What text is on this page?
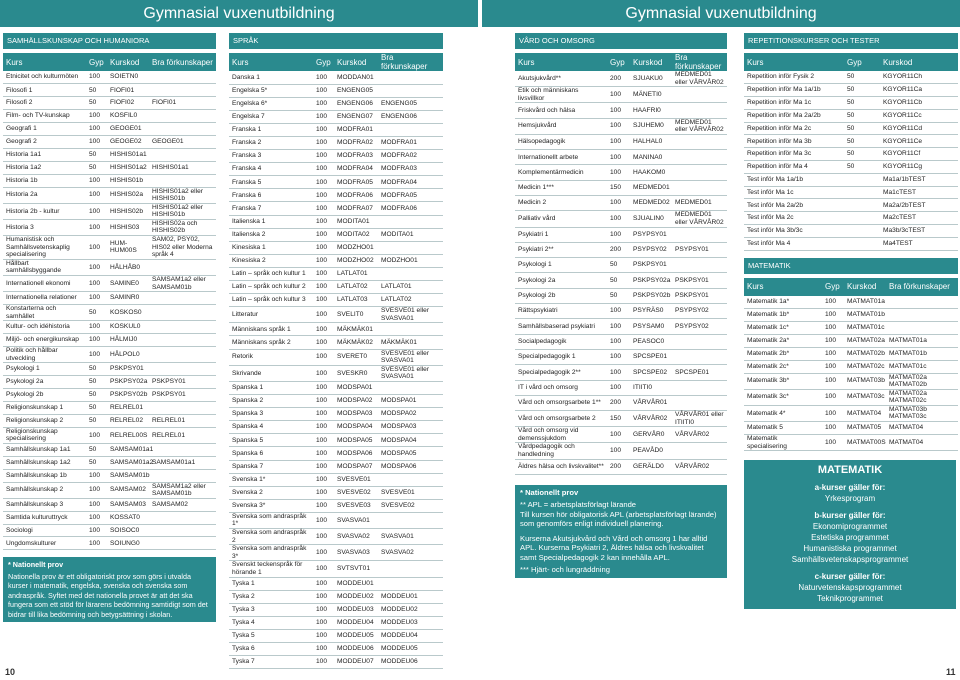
Gymnasial vuxenutbildning	Gymnasial vuxenutbildning
SAMHÄLLSKUNSKAP OCH HUMANIORA
Kurs	Gyp	Kurskod	Bra förkunskaper
Etnicitet och kulturmöten	100	SOIETN0	
Filosofi 1	50	FIOFI01	
Filosofi 2	50	FIOFI02	FIOFI01
Film- och TV-kunskap	100	KOSFIL0	
Geografi 1	100	GEOGE01	
Geografi 2	100	GEOGE02	GEOGE01
Historia 1a1	50	HISHIS01a1	
Historia 1a2	50	HISHIS01a2	HISHIS01a1
Historia 1b	100	HISHIS01b	
Historia 2a	100	HISHIS02a	HISHIS01a2 eller HISHIS01b
Historia 2b - kultur	100	HISHIS02b	HISHIS01a2 eller HISHIS01b
Historia 3	100	HISHIS03	HISHIS02a och HISHIS02b
Humanistisk och Samhällsvetenskaplig specialisering	100	HUM-HUM00S	SAM02, PSY02, HIS02 eller Moderna språk 4
Hållbart samhällsbyggande	100	HÅLHÅB0	
Internationell ekonomi	100	SAMINE0	SAMSAM1a2 eller SAMSAM01b
Internationella relationer	100	SAMINR0	
Konstarterna och samhället	50	KOSKOS0	
Kultur- och idéhistoria	100	KOSKUL0	
Miljö- och energikunskap	100	HÅLMIJ0	
Politik och hållbar utveckling	100	HÅLPOL0	
Psykologi 1	50	PSKPSY01	
Psykologi 2a	50	PSKPSY02a	PSKPSY01
Psykologi 2b	50	PSKPSY02b	PSKPSY01
Religionskunskap 1	50	RELREL01	
Religionskunskap 2	50	RELREL02	RELREL01
Religionskunskap specialisering	100	RELREL00S	RELREL01
Samhällskunskap 1a1	50	SAMSAM01a1	
Samhällskunskap 1a2	50	SAMSAM01a2	SAMSAM01a1
Samhällskunskap 1b	100	SAMSAM01b	
Samhällskunskap 2	100	SAMSAM02	SAMSAM1a2 eller SAMSAM01b
Samhällskunskap 3	100	SAMSAM03	SAMSAM02
Samtida kulturuttryck	100	KOSSAT0	
Sociologi	100	SOISOC0	
Ungdomskulturer	100	SOIUNG0	
* Nationellt prov
Nationella prov är ett obligatoriskt prov som görs i utvalda kurser i matematik, engelska, svenska och svenska som andraspråk. Syftet med det nationella provet är att det ska fungera som ett stöd för lärarens bedömning samtidigt som det bidrar till lika bedömning och betygsättning i skolan.
SPRÅK
Kurs	Gyp	Kurskod	Bra förkunskaper
Danska 1	100	MODDAN01	
Engelska 5*	100	ENGENG05	
Engelska 6*	100	ENGENG06	ENGENG05
Engelska 7	100	ENGENG07	ENGENG06
Franska 1	100	MODFRA01	
Franska 2	100	MODFRA02	MODFRA01
Franska 3	100	MODFRA03	MODFRA02
Franska 4	100	MODFRA04	MODFRA03
Franska 5	100	MODFRA05	MODFRA04
Franska 6	100	MODFRA06	MODFRA05
Franska 7	100	MODFRA07	MODFRA06
Italienska 1	100	MODITA01	
Italienska 2	100	MODITA02	MODITA01
Kinesiska 1	100	MODZHO01	
Kinesiska 2	100	MODZHO02	MODZHO01
Latin – språk och kultur 1	100	LATLAT01	
Latin – språk och kultur 2	100	LATLAT02	LATLAT01
Latin – språk och kultur 3	100	LATLAT03	LATLAT02
Litteratur	100	SVELIT0	SVESVE01 eller SVASVA01
Människans språk 1	100	MÄKMÄK01	
Människans språk 2	100	MÄKMÄK02	MÄKMÄK01
Retorik	100	SVERET0	SVESVE01 eller SVASVA01
Skrivande	100	SVESKR0	SVESVE01 eller SVASVA01
Spanska 1	100	MODSPA01	
Spanska 2	100	MODSPA02	MODSPA01
Spanska 3	100	MODSPA03	MODSPA02
Spanska 4	100	MODSPA04	MODSPA03
Spanska 5	100	MODSPA05	MODSPA04
Spanska 6	100	MODSPA06	MODSPA05
Spanska 7	100	MODSPA07	MODSPA06
Svenska 1*	100	SVESVE01	
Svenska 2	100	SVESVE02	SVESVE01
Svenska 3*	100	SVESVE03	SVESVE02
Svenska som andraspråk 1*	100	SVASVA01	
Svenska som andraspråk 2	100	SVASVA02	SVASVA01
Svenska som andraspråk 3*	100	SVASVA03	SVASVA02
Svenskt teckenspråk för hörande 1	100	SVTSVT01	
Tyska 1	100	MODDEU01	
Tyska 2	100	MODDEU02	MODDEU01
Tyska 3	100	MODDEU03	MODDEU02
Tyska 4	100	MODDEU04	MODDEU03
Tyska 5	100	MODDEU05	MODDEU04
Tyska 6	100	MODDEU06	MODDEU05
Tyska 7	100	MODDEU07	MODDEU06
VÅRD OCH OMSORG
Kurs	Gyp	Kurskod	Bra förkunskaper
Akutsjukvård**	200	SJUAKU0	MEDMED01 eller VÅRVÅR02
Etik och människans livsvillkor	100	MÄNETI0	
Friskvård och hälsa	100	HAAFRI0	
Hemsjukvård	100	SJUHEM0	MEDMED01 eller VÅRVÅR02
Hälsopedagogik	100	HALHAL0	
Internationellt arbete	100	MANINA0	
Komplementärmedicin	100	HAAKOM0	
Medicin 1***	150	MEDMED01	
Medicin 2	100	MEDMED02	MEDMED01
Palliativ vård	100	SJUALIN0	MEDMED01 eller VÅRVÅR02
Psykiatri 1	100	PSYPSY01	
Psykiatri 2**	200	PSYPSY02	PSYPSY01
Psykologi 1	50	PSKPSY01	
Psykologi 2a	50	PSKPSY02a	PSKPSY01
Psykologi 2b	50	PSKPSY02b	PSKPSY01
Rättspsykiatri	100	PSYRÄS0	PSYPSY02
Samhällsbaserad psykiatri	100	PSYSAM0	PSYPSY02
Socialpedagogik	100	PEASOC0	
Specialpedagogik 1	100	SPCSPE01	
Specialpedagogik 2**	100	SPCSPE02	SPCSPE01
IT i vård och omsorg	100	ITIITI0	
Vård och omsorgsarbete 1**	200	VÅRVÅR01	
Vård och omsorgsarbete 2	150	VÅRVÅR02	VÅRVÅR01 eller ITIITI0
Vård och omsorg vid demenssjukdom	100	GERVÅR0	VÅRVÅR02
Vårdpedagogik och handledning	100	PEAVÅD0	
Äldres hälsa och livskvalitet**	200	GERÄLD0	VÅRVÅR02
* Nationellt prov
** APL = arbetsplatsförlagt lärande
Till kursen hör obligatorisk APL (arbetsplatsförlagt lärande) som genomförs enligt individuell planering.
Kurserna Akutsjukvård och Vård och omsorg 1 har alltid APL. Kurserna Psykiatri 2, Äldres hälsa och livskvalitet samt Specialpedagogik 2 kan innehålla APL.
*** Hjärt- och lungräddning
REPETITIONSKURSER OCH TESTER
Kurs	Gyp	Kurskod
Repetition inför Fysik 2	50	KGYOR11Ch
Repetition inför Ma 1a/1b	50	KGYOR11Ca
Repetition inför Ma 1c	50	KGYOR11Cb
Repetition inför Ma 2a/2b	50	KGYOR11Cc
Repetition inför Ma 2c	50	KGYOR11Cd
Repetition inför Ma 3b	50	KGYOR11Ce
Repetition inför Ma 3c	50	KGYOR11Cf
Repetition inför Ma 4	50	KGYOR11Cg
Test inför Ma 1a/1b		Ma1a/1bTEST
Test inför Ma 1c		Ma1cTEST
Test inför Ma 2a/2b		Ma2a/2bTEST
Test inför Ma 2c		Ma2cTEST
Test inför Ma 3b/3c		Ma3b/3cTEST
Test inför Ma 4		Ma4TEST
MATEMATIK
Kurs	Gyp	Kurskod	Bra förkunskaper
Matematik 1a*	100	MATMAT01a	
Matematik 1b*	100	MATMAT01b	
Matematik 1c*	100	MATMAT01c	
Matematik 2a*	100	MATMAT02a	MATMAT01a
Matematik 2b*	100	MATMAT02b	MATMAT01b
Matematik 2c*	100	MATMAT02c	MATMAT01c
Matematik 3b*	100	MATMAT03b	MATMAT02a MATMAT02b
Matematik 3c*	100	MATMAT03c	MATMAT02a MATMAT02c
Matematik 4*	100	MATMAT04	MATMAT03b MATMAT03c
Matematik 5	100	MATMAT05	MATMAT04
Matematik specialisering	100	MATMAT00S	MATMAT04
MATEMATIK
a-kurser gäller för:
Yrkesprogram
b-kurser gäller för:
Ekonomiprogrammet
Estetiska programmet
Humanistiska programmet
Samhällsvetenskapsprogrammet
c-kurser gäller för:
Naturvetenskapsprogrammet
Teknikprogrammet
10	11
